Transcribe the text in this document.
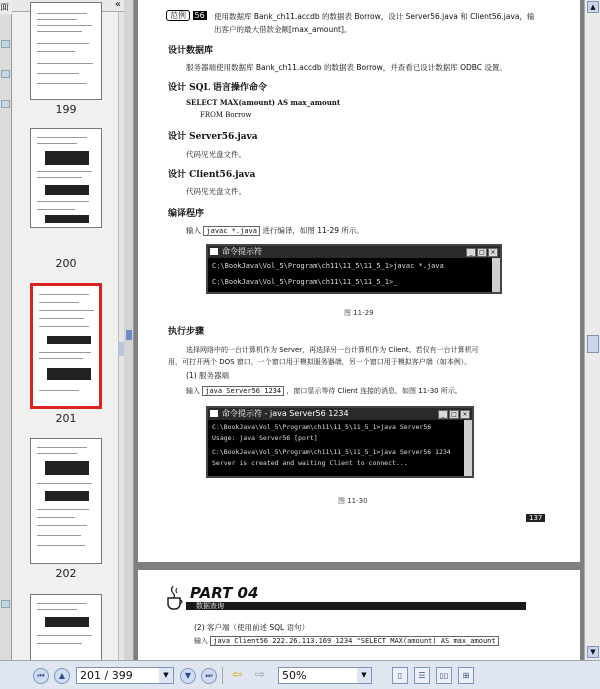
面	«
199
200
201
202
范例 56 使用数据库 Bank_ch11.accdb 的数据表 Borrow，设计 Server56.java 和 Client56.java，输
出客户的最大借款金额[max_amount]。
设计数据库
服务器端使用数据库 Bank_ch11.accdb 的数据表 Borrow，并查看已设计数据库 ODBC 设置。
设计 SQL 语言操作命令
SELECT MAX(amount) AS max_amount
FROM Borrow
设计 Server56.java
代码见光盘文件。
设计 Client56.java
代码见光盘文件。
编译程序
输入 javac *.java 进行编译，如图 11-29 所示。
命令提示符	_ □ ×
C:\BookJava\Vol_5\Program\ch11\11_5\11_5_1>javac *.java
C:\BookJava\Vol_5\Program\ch11\11_5\11_5_1>_
图 11-29
执行步骤
选择网络中的一台计算机作为 Server，再选择另一台计算机作为 Client。若仅有一台计算机可
用，可打开两个 DOS 窗口，一个窗口用于模拟服务器端，另一个窗口用于模拟客户端（如本例）。
(1) 服务器端
输入 java Server56 1234 ，窗口显示等待 Client 连接的消息，如图 11-30 所示。
命令提示符 - java Server56 1234	_ □ ×
C:\BookJava\Vol_5\Program\ch11\11_5\11_5_1>java Server56
Usage: java Server56 [port]
C:\BookJava\Vol_5\Program\ch11\11_5\11_5_1>java Server56 1234
Server is created and waiting Client to connect...
图 11-30
137
PART 04
数据查询
(2) 客户端（使用前述 SQL 语句）
输入 java Client56 222.26.113.169 1234 "SELECT MAX(amount) AS max_amount
▲
▼
⏮	▲	201 / 399	▼	▼	⏭	⇦ ⇨	50%	▼	▯	☰	▯▯	⊞
